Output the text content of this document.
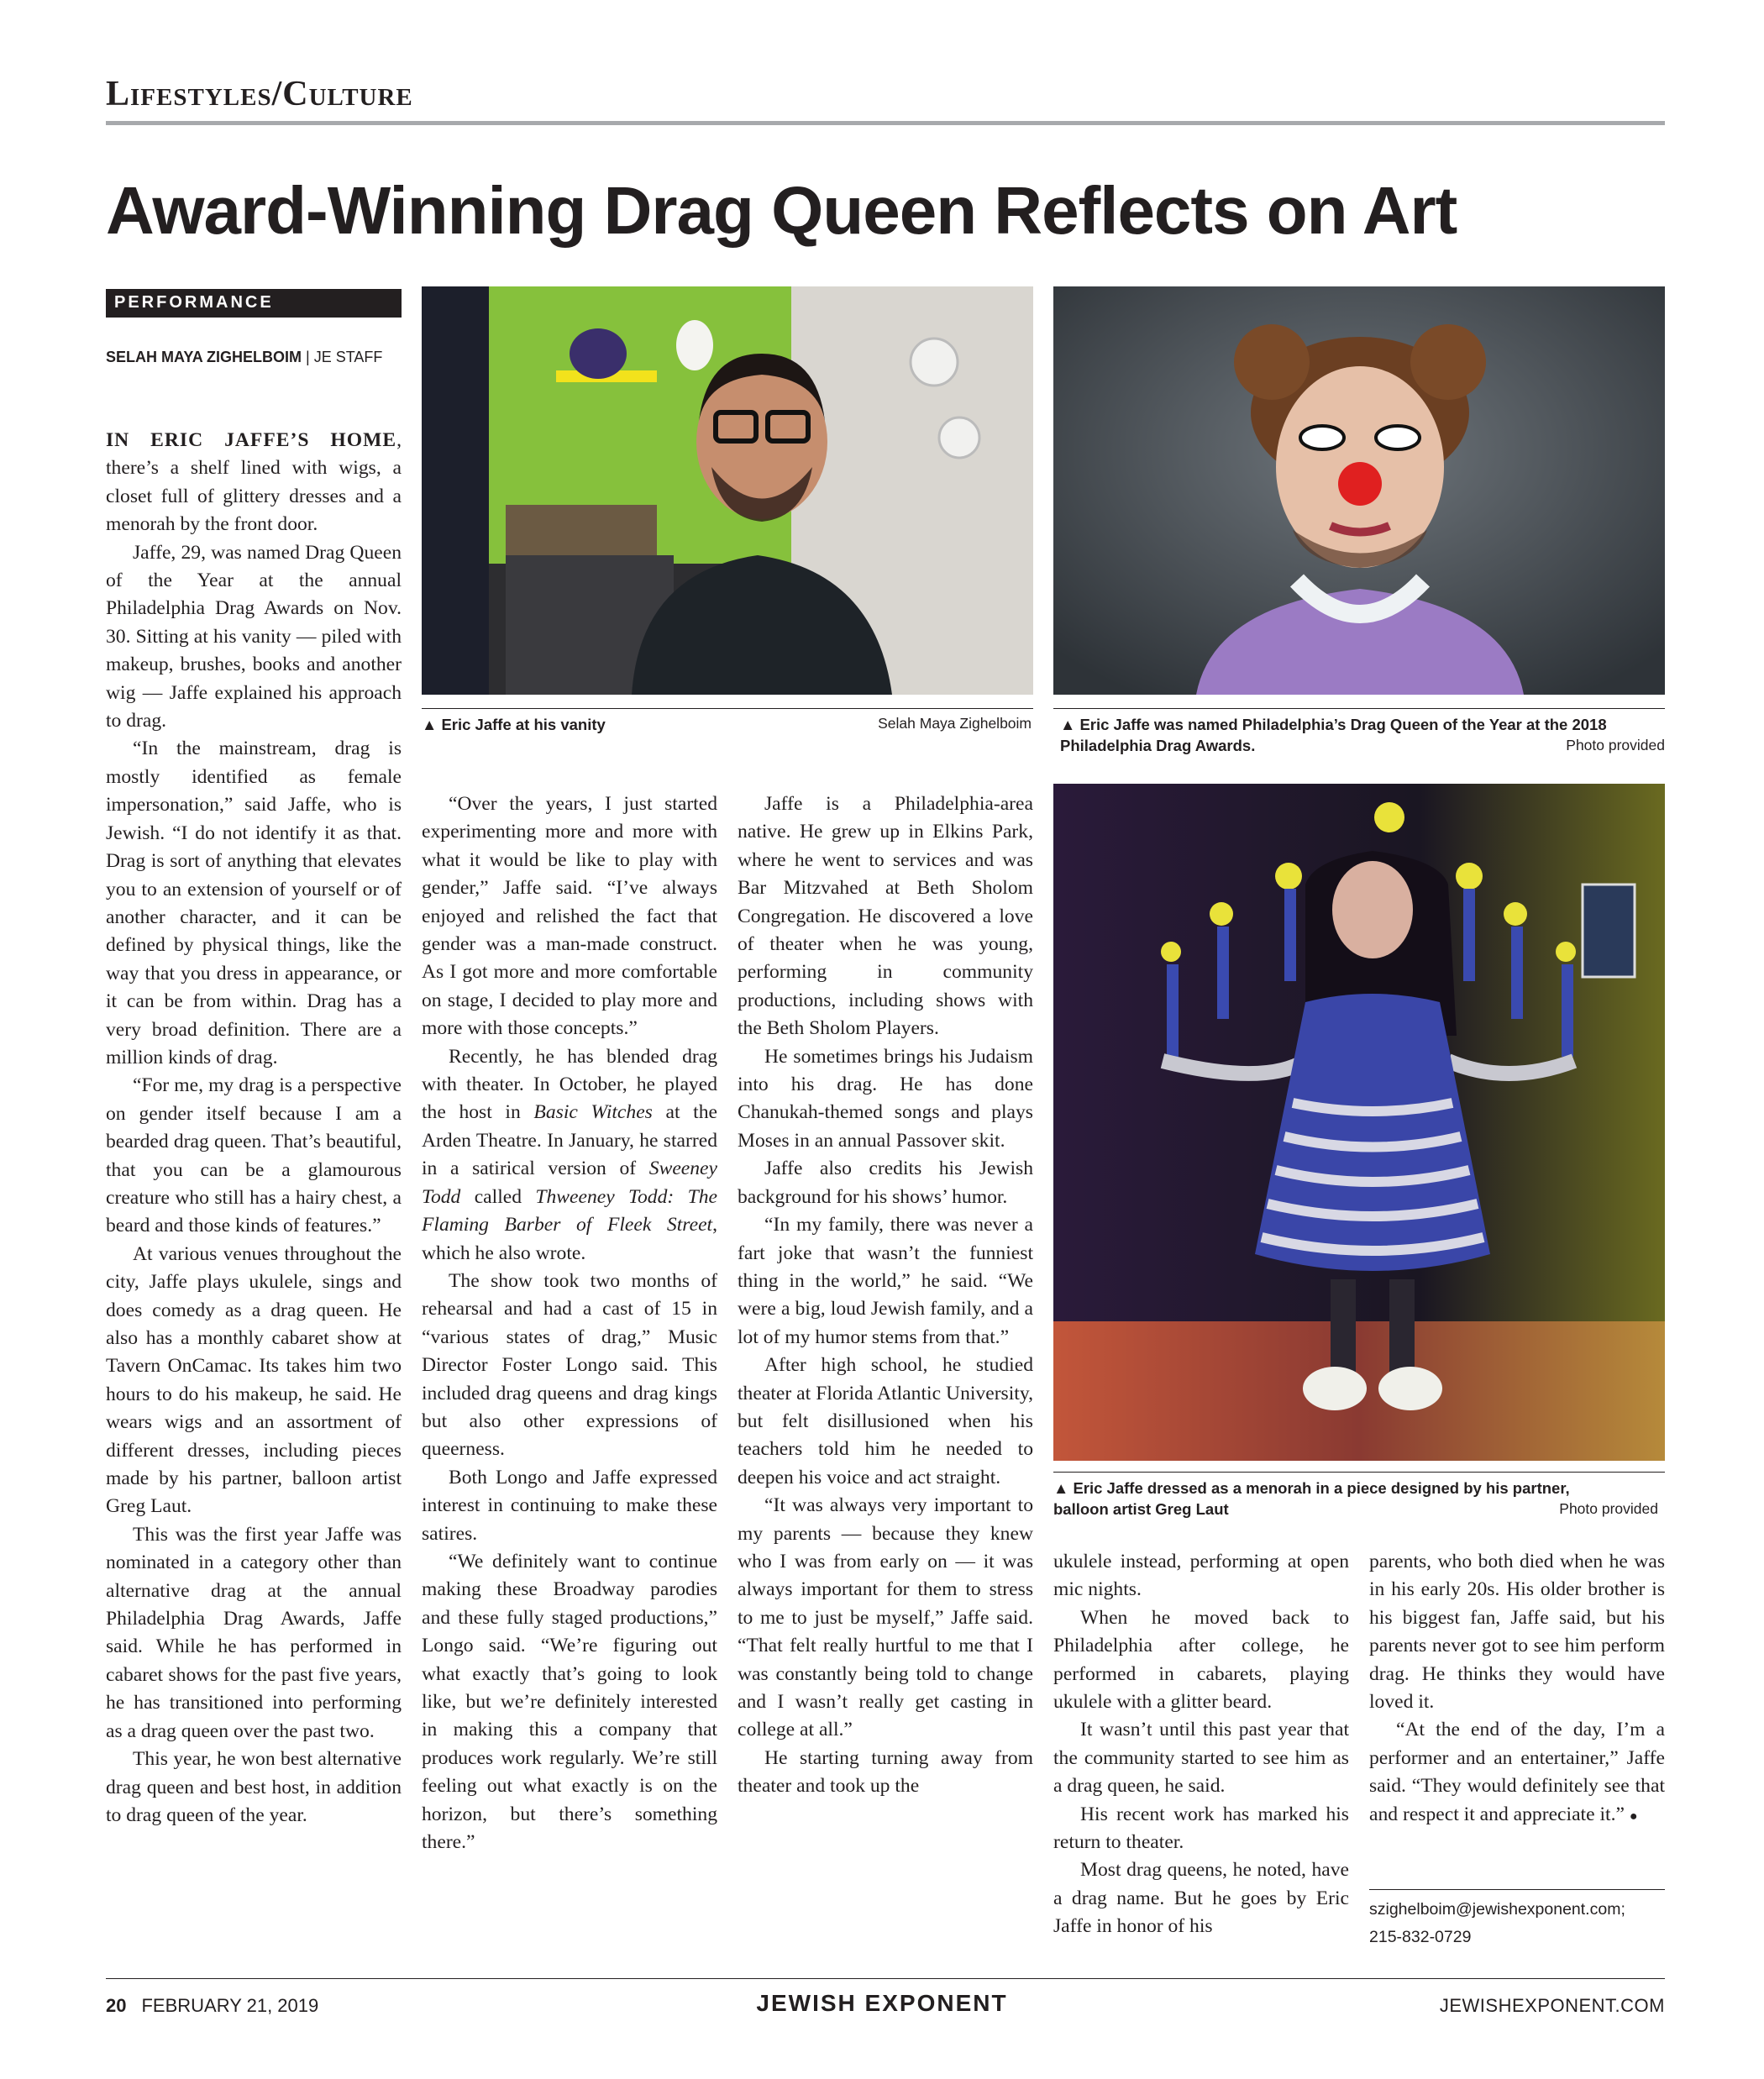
Lifestyles/Culture
Award-Winning Drag Queen Reflects on Art
PERFORMANCE
SELAH MAYA ZIGHELBOIM | JE STAFF

IN ERIC JAFFE’S HOME, there’s a shelf lined with wigs, a closet full of glittery dresses and a menorah by the front door.

Jaffe, 29, was named Drag Queen of the Year at the annual Philadelphia Drag Awards on Nov. 30. Sitting at his vanity — piled with makeup, brushes, books and another wig — Jaffe explained his approach to drag.

“In the mainstream, drag is mostly identified as female impersonation,” said Jaffe, who is Jewish. “I do not identify it as that. Drag is sort of anything that elevates you to an extension of yourself or of another character, and it can be defined by physical things, like the way that you dress in appearance, or it can be from within. Drag has a very broad definition. There are a million kinds of drag.

“For me, my drag is a perspective on gender itself because I am a bearded drag queen. That’s beautiful, that you can be a glamourous creature who still has a hairy chest, a beard and those kinds of features.”

At various venues throughout the city, Jaffe plays ukulele, sings and does comedy as a drag queen. He also has a monthly cabaret show at Tavern OnCamac. Its takes him two hours to do his makeup, he said. He wears wigs and an assortment of different dresses, including pieces made by his partner, balloon artist Greg Laut.

This was the first year Jaffe was nominated in a category other than alternative drag at the annual Philadelphia Drag Awards, Jaffe said. While he has performed in cabaret shows for the past five years, he has transitioned into performing as a drag queen over the past two.

This year, he won best alternative drag queen and best host, in addition to drag queen of the year.

“Over the years, I just started experimenting more and more with what it would be like to play with gender,” Jaffe said. “I’ve always enjoyed and relished the fact that gender was a man-made construct. As I got more and more comfortable on stage, I decided to play more and more with those concepts.”

Recently, he has blended drag with theater. In October, he played the host in Basic Witches at the Arden Theatre. In January, he starred in a satirical version of Sweeney Todd called Thweeney Todd: The Flaming Barber of Fleek Street, which he also wrote.

The show took two months of rehearsal and had a cast of 15 in “various states of drag,” Music Director Foster Longo said. This included drag queens and drag kings but also other expressions of queerness.

Both Longo and Jaffe expressed interest in continuing to make these satires.

“We definitely want to continue making these Broadway parodies and these fully staged productions,” Longo said. “We’re figuring out what exactly that’s going to look like, but we’re definitely interested in making this a company that produces work regularly. We’re still feeling out what exactly is on the horizon, but there’s something there.”

Jaffe is a Philadelphia-area native. He grew up in Elkins Park, where he went to services and was Bar Mitzvahed at Beth Sholom Congregation. He discovered a love of theater when he was young, performing in community productions, including shows with the Beth Sholom Players.

He sometimes brings his Judaism into his drag. He has done Chanukah-themed songs and plays Moses in an annual Passover skit.

Jaffe also credits his Jewish background for his shows’ humor.

“In my family, there was never a fart joke that wasn’t the funniest thing in the world,” he said. “We were a big, loud Jewish family, and a lot of my humor stems from that.”

After high school, he studied theater at Florida Atlantic University, but felt disillusioned when his teachers told him he needed to deepen his voice and act straight.

“It was always very important to my parents — because they knew who I was from early on — it was always important for them to stress to me to just be myself,” Jaffe said. “That felt really hurtful to me that I was constantly being told to change and I wasn’t really get casting in college at all.”

He starting turning away from theater and took up the

ukulele instead, performing at open mic nights.

When he moved back to Philadelphia after college, he performed in cabarets, playing ukulele with a glitter beard.

It wasn’t until this past year that the community started to see him as a drag queen, he said.

His recent work has marked his return to theater.

Most drag queens, he noted, have a drag name. But he goes by Eric Jaffe in honor of his

parents, who both died when he was in his early 20s. His older brother is his biggest fan, Jaffe said, but his parents never got to see him perform drag. He thinks they would have loved it.

“At the end of the day, I’m a performer and an entertainer,” Jaffe said. “They would definitely see that and respect it and appreciate it.” ●

▲ Eric Jaffe at his vanity	Selah Maya Zighelboim ▲ Eric Jaffe was named Philadelphia’s Drag Queen of the Year at the 2018 Philadelphia Drag Awards.	Photo provided
▲ Eric Jaffe dressed as a menorah in a piece designed by his partner,
balloon artist Greg Laut	Photo provided
szighelboim@jewishexponent.com;
215-832-0729
20 FEBRUARY 21, 2019	JEWISH EXPONENT	JEWISHEXPONENT.COM
